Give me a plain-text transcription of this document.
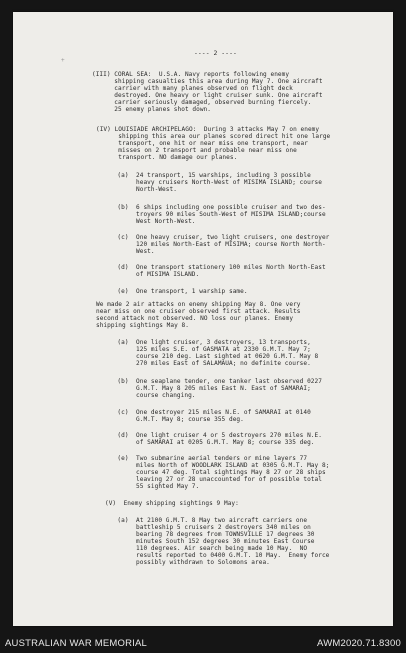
---- 2 ----
+
(III) CORAL SEA:  U.S.A. Navy reports following enemy
shipping casualties this area during May 7. One aircraft
carrier with many planes observed on flight deck
destroyed. One heavy or light cruiser sunk. One aircraft
carrier seriously damaged, observed burning fiercely.
25 enemy planes shot down.
(IV) LOUISIADE ARCHIPELAGO:  During 3 attacks May 7 on enemy
shipping this area our planes scored direct hit one large
transport, one hit or near miss one transport, near
misses on 2 transport and probable near miss one
transport. NO damage our planes.
(a)  24 transport, 15 warships, including 3 possible
heavy cruisers North-West of MISIMA ISLAND; course
North-West.
(b)  6 ships including one possible cruiser and two des-
troyers 90 miles South-West of MISIMA ISLAND;course
West North-West.
(c)  One heavy cruiser, two light cruisers, one destroyer
120 miles North-East of MISIMA; course North North-
West.
(d)  One transport stationery 100 miles North North-East
of MISIMA ISLAND.
(e)  One transport, 1 warship same.
We made 2 air attacks on enemy shipping May 8. One very
near miss on one cruiser observed first attack. Results
second attack not observed. NO loss our planes. Enemy
shipping sightings May 8.
(a)  One light cruiser, 3 destroyers, 13 transports,
125 miles S.E. of GASMATA at 2330 G.M.T. May 7;
course 210 deg. Last sighted at 0620 G.M.T. May 8
270 miles East of SALAMAUA; no definite course.
(b)  One seaplane tender, one tanker last observed 0227
G.M.T. May 8 205 miles East N. East of SAMARAI;
course changing.
(c)  One destroyer 215 miles N.E. of SAMARAI at 0140
G.M.T. May 8; course 355 deg.
(d)  One light cruiser 4 or 5 destroyers 270 miles N.E.
of SAMARAI at 0205 G.M.T. May 8; course 335 deg.
(e)  Two submarine aerial tenders or mine layers 77
miles North of WOODLARK ISLAND at 0305 G.M.T. May 8;
course 47 deg. Total sightings May 8 27 or 28 ships
leaving 27 or 28 unaccounted for of possible total
55 sighted May 7.
(V)  Enemy shipping sightings 9 May:
(a)  At 2100 G.M.T. 8 May two aircraft carriers one
battleship 5 cruisers 2 destroyers 340 miles on
bearing 78 degrees from TOWNSVILLE 17 degrees 30
minutes South 152 degrees 30 minutes East Course
110 degrees. Air search being made 10 May.  NO
results reported to 0400 G.M.T. 10 May.  Enemy force
possibly withdrawn to Solomons area.
AUSTRALIAN WAR MEMORIAL	AWM2020.71.8300
